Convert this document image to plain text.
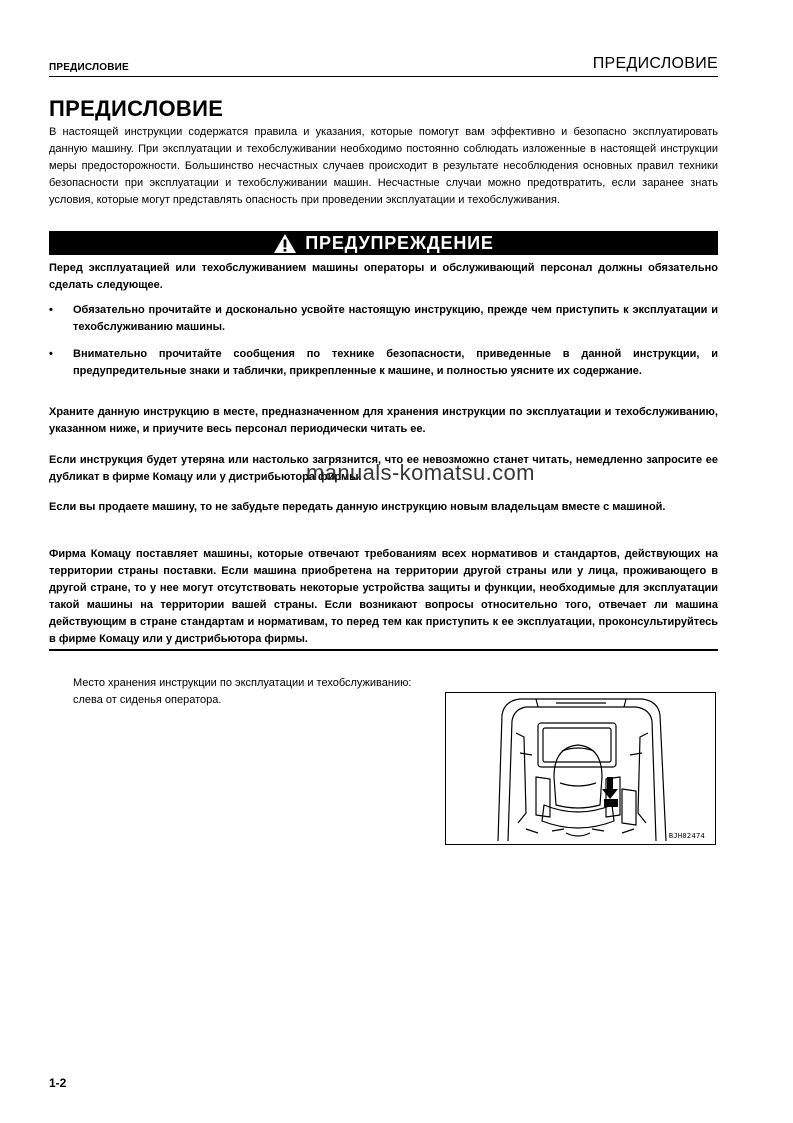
ПРЕДИСЛОВИЕ	ПРЕДИСЛОВИЕ
ПРЕДИСЛОВИЕ
В настоящей инструкции содержатся правила и указания, которые помогут вам эффективно и безопасно эксплуатировать данную машину. При эксплуатации и техобслуживании необходимо постоянно соблюдать изложенные в настоящей инструкции меры предосторожности. Большинство несчастных случаев происходит в результате несоблюдения основных правил техники безопасности при эксплуатации и техобслуживании машин. Несчастные случаи можно предотвратить, если заранее знать условия, которые могут представлять опасность при проведении эксплуатации и техобслуживания.
ПРЕДУПРЕЖДЕНИЕ
Перед эксплуатацией или техобслуживанием машины операторы и обслуживающий персонал должны обязательно сделать следующее.
• Обязательно прочитайте и досконально усвойте настоящую инструкцию, прежде чем приступить к эксплуатации и техобслуживанию машины.
• Внимательно прочитайте сообщения по технике безопасности, приведенные в данной инструкции, и предупредительные знаки и таблички, прикрепленные к машине, и полностью уясните их содержание.
Храните данную инструкцию в месте, предназначенном для хранения инструкции по эксплуатации и техобслуживанию, указанном ниже, и приучите весь персонал периодически читать ее.
Если инструкция будет утеряна или настолько загрязнится, что ее невозможно станет читать, немедленно запросите ее дубликат в фирме Комацу или у дистрибьютора фирмы.
Если вы продаете машину, то не забудьте передать данную инструкцию новым владельцам вместе с машиной.
Фирма Комацу поставляет машины, которые отвечают требованиям всех нормативов и стандартов, действующих на территории страны поставки. Если машина приобретена на территории другой страны или у лица, проживающего в другой стране, то у нее могут отсутствовать некоторые устройства защиты и функции, необходимые для эксплуатации такой машины на территории вашей страны. Если возникают вопросы относительно того, отвечает ли машина действующим в стране стандартам и нормативам, то перед тем как приступить к ее эксплуатации, проконсультируйтесь в фирме Комацу или у дистрибьютора фирмы.
manuals-komatsu.com
Место хранения инструкции по эксплуатации и техобслуживанию: слева от сиденья оператора.
BJH02474
1-2
